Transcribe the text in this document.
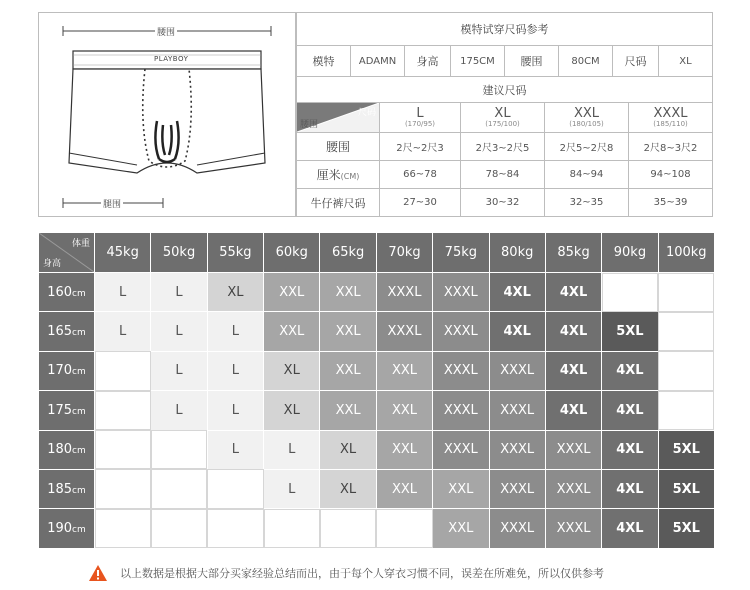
腰围
腿围
PLAYBOY
模特试穿尺码参考

模特	ADAMN	身高	175CM	腰围	80CM	尺码	XL

建议尺码

尺码
腰围

L
(170/95)

XL
(175/100)

XXL
(180/105)

XXXL
(185/110)

腰围	2尺~2尺3	2尺3~2尺5	2尺5~2尺8	2尺8~3尺2
厘米(CM)	66~78	78~84	84~94	94~108
牛仔裤尺码	27~30	30~32	32~35	35~39
体重
身高	45kg	50kg	55kg	60kg	65kg	70kg	75kg	80kg	85kg	90kg	100kg
160cm	L	L	XL	XXL	XXL	XXXL	XXXL	4XL	4XL		
165cm	L	L	L	XXL	XXL	XXXL	XXXL	4XL	4XL	5XL	
170cm		L	L	XL	XXL	XXL	XXXL	XXXL	4XL	4XL	
175cm		L	L	XL	XXL	XXL	XXXL	XXXL	4XL	4XL	
180cm			L	L	XL	XXL	XXXL	XXXL	XXXL	4XL	5XL
185cm				L	XL	XXL	XXL	XXXL	XXXL	4XL	5XL
190cm							XXL	XXXL	XXXL	4XL	5XL
以上数据是根据大部分买家经验总结而出，由于每个人穿衣习惯不同，误差在所难免，所以仅供参考
